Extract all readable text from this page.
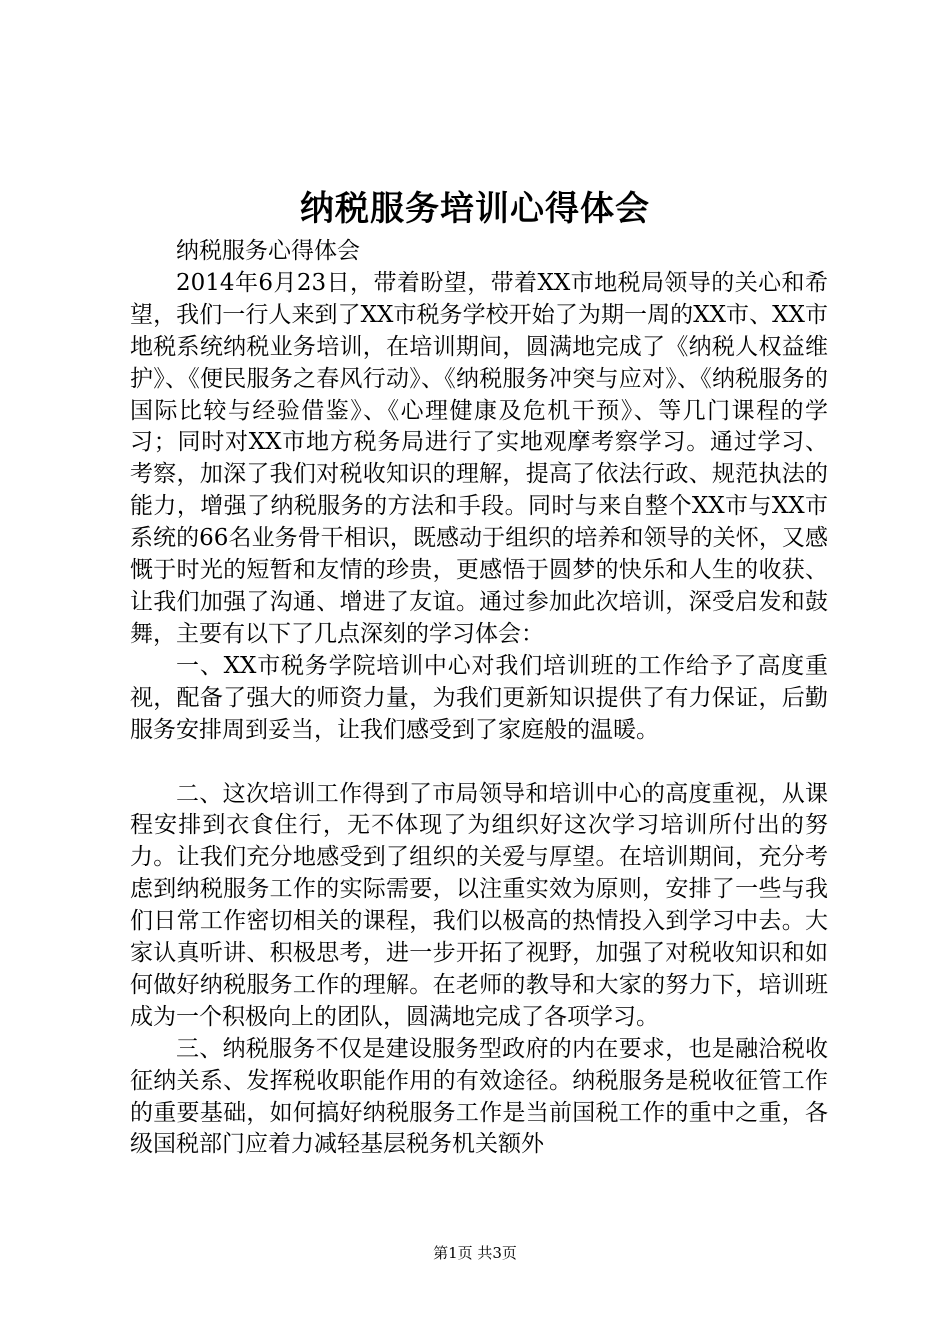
纳税服务培训心得体会

纳税服务心得体会

2014年6月23日，带着盼望，带着XX市地税局领导的关心和希望，我们一行人来到了XX市税务学校开始了为期一周的XX市、XX市地税系统纳税业务培训，在培训期间，圆满地完成了《纳税人权益维护》、《便民服务之春风行动》、《纳税服务冲突与应对》、《纳税服务的国际比较与经验借鉴》、《心理健康及危机干预》、等几门课程的学习；同时对XX市地方税务局进行了实地观摩考察学习。通过学习、考察，加深了我们对税收知识的理解，提高了依法行政、规范执法的能力，增强了纳税服务的方法和手段。同时与来自整个XX市与XX市系统的66名业务骨干相识，既感动于组织的培养和领导的关怀，又感慨于时光的短暂和友情的珍贵，更感悟于圆梦的快乐和人生的收获、让我们加强了沟通、增进了友谊。通过参加此次培训，深受启发和鼓舞，主要有以下了几点深刻的学习体会：

一、XX市税务学院培训中心对我们培训班的工作给予了高度重视，配备了强大的师资力量，为我们更新知识提供了有力保证，后勤服务安排周到妥当，让我们感受到了家庭般的温暖。

二、这次培训工作得到了市局领导和培训中心的高度重视，从课程安排到衣食住行，无不体现了为组织好这次学习培训所付出的努力。让我们充分地感受到了组织的关爱与厚望。在培训期间，充分考虑到纳税服务工作的实际需要，以注重实效为原则，安排了一些与我们日常工作密切相关的课程，我们以极高的热情投入到学习中去。大家认真听讲、积极思考，进一步开拓了视野，加强了对税收知识和如何做好纳税服务工作的理解。在老师的教导和大家的努力下，培训班成为一个积极向上的团队，圆满地完成了各项学习。

三、纳税服务不仅是建设服务型政府的内在要求，也是融洽税收征纳关系、发挥税收职能作用的有效途径。纳税服务是税收征管工作的重要基础，如何搞好纳税服务工作是当前国税工作的重中之重，各级国税部门应着力减轻基层税务机关额外

第1页 共3页
